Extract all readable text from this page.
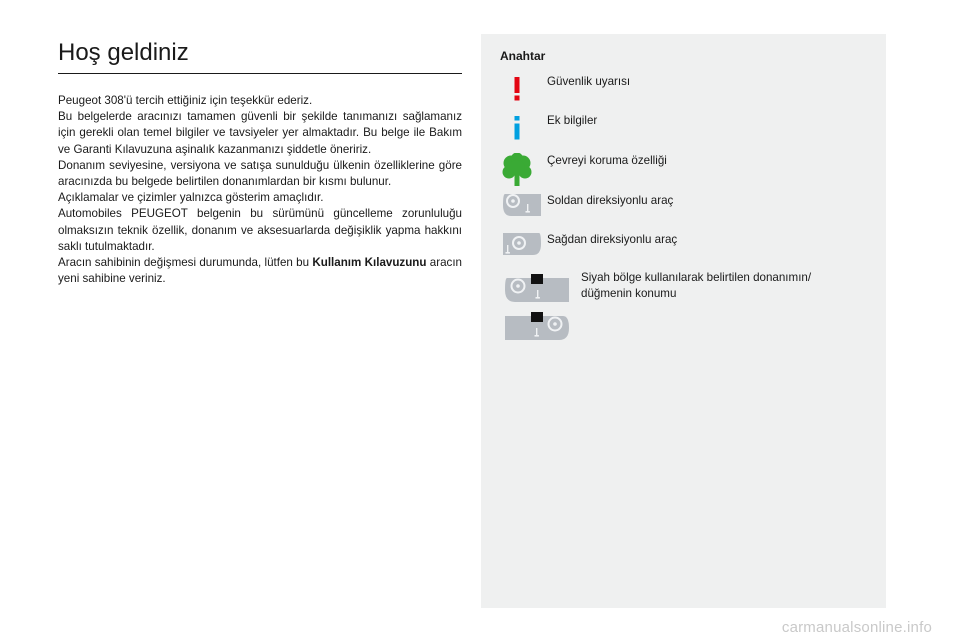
Hoş geldiniz

Peugeot 308'ü tercih ettiğiniz için teşekkür ederiz.

Bu belgelerde aracınızı tamamen güvenli bir şekilde tanımanızı sağlamanız için gerekli olan temel bilgiler ve tavsiyeler yer almaktadır. Bu belge ile Bakım ve Garanti Kılavuzuna aşinalık kazanmanızı şiddetle öneririz.

Donanım seviyesine, versiyona ve satışa sunulduğu ülkenin özelliklerine göre aracınızda bu belgede belirtilen donanımlardan bir kısmı bulunur.

Açıklamalar ve çizimler yalnızca gösterim amaçlıdır.

Automobiles PEUGEOT belgenin bu sürümünü güncelleme zorunluluğu olmaksızın teknik özellik, donanım ve aksesuarlarda değişiklik yapma hakkını saklı tutulmaktadır.

Aracın sahibinin değişmesi durumunda, lütfen bu Kullanım Kılavuzunu aracın yeni sahibine veriniz.

Anahtar
Güvenlik uyarısı
Ek bilgiler
Çevreyi koruma özelliği
Soldan direksiyonlu araç
Sağdan direksiyonlu araç
Siyah bölge kullanılarak belirtilen donanımın/ düğmenin konumu
carmanualsonline.info
